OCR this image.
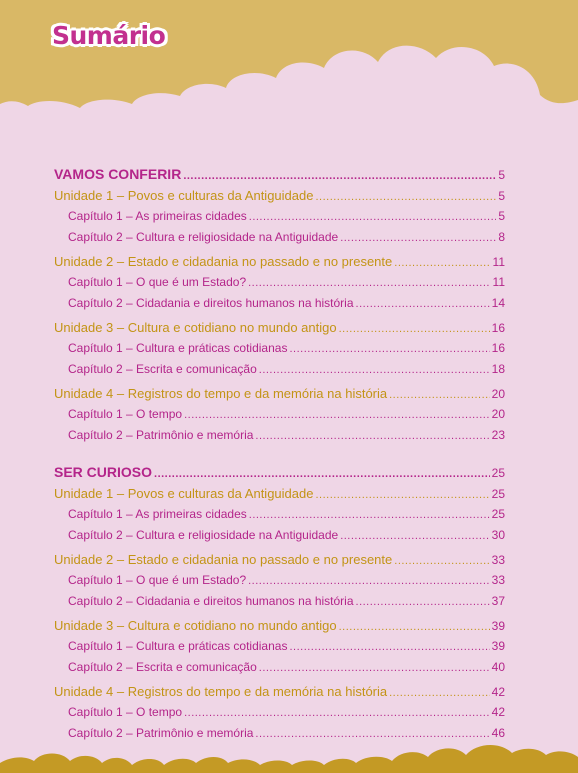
Sumário
VAMOS CONFERIR .....	5
Unidade 1 – Povos e culturas da Antiguidade .....	5
Capítulo 1 – As primeiras cidades .....	5
Capítulo 2 – Cultura e religiosidade na Antiguidade .....	8
Unidade 2 – Estado e cidadania no passado e no presente .....	11
Capítulo 1 – O que é um Estado? .....	11
Capítulo 2 – Cidadania e direitos humanos na história .....	14
Unidade 3 – Cultura e cotidiano no mundo antigo .....	16
Capítulo 1 – Cultura e práticas cotidianas .....	16
Capítulo 2 – Escrita e comunicação .....	18
Unidade 4 – Registros do tempo e da memória na história .....	20
Capítulo 1 – O tempo .....	20
Capítulo 2 – Patrimônio e memória .....	23
SER CURIOSO .....	25
Unidade 1 – Povos e culturas da Antiguidade .....	25
Capítulo 1 – As primeiras cidades .....	25
Capítulo 2 – Cultura e religiosidade na Antiguidade .....	30
Unidade 2 – Estado e cidadania no passado e no presente .....	33
Capítulo 1 – O que é um Estado? .....	33
Capítulo 2 – Cidadania e direitos humanos na história .....	37
Unidade 3 – Cultura e cotidiano no mundo antigo .....	39
Capítulo 1 – Cultura e práticas cotidianas .....	39
Capítulo 2 – Escrita e comunicação .....	40
Unidade 4 – Registros do tempo e da memória na história .....	42
Capítulo 1 – O tempo .....	42
Capítulo 2 – Patrimônio e memória .....	46
